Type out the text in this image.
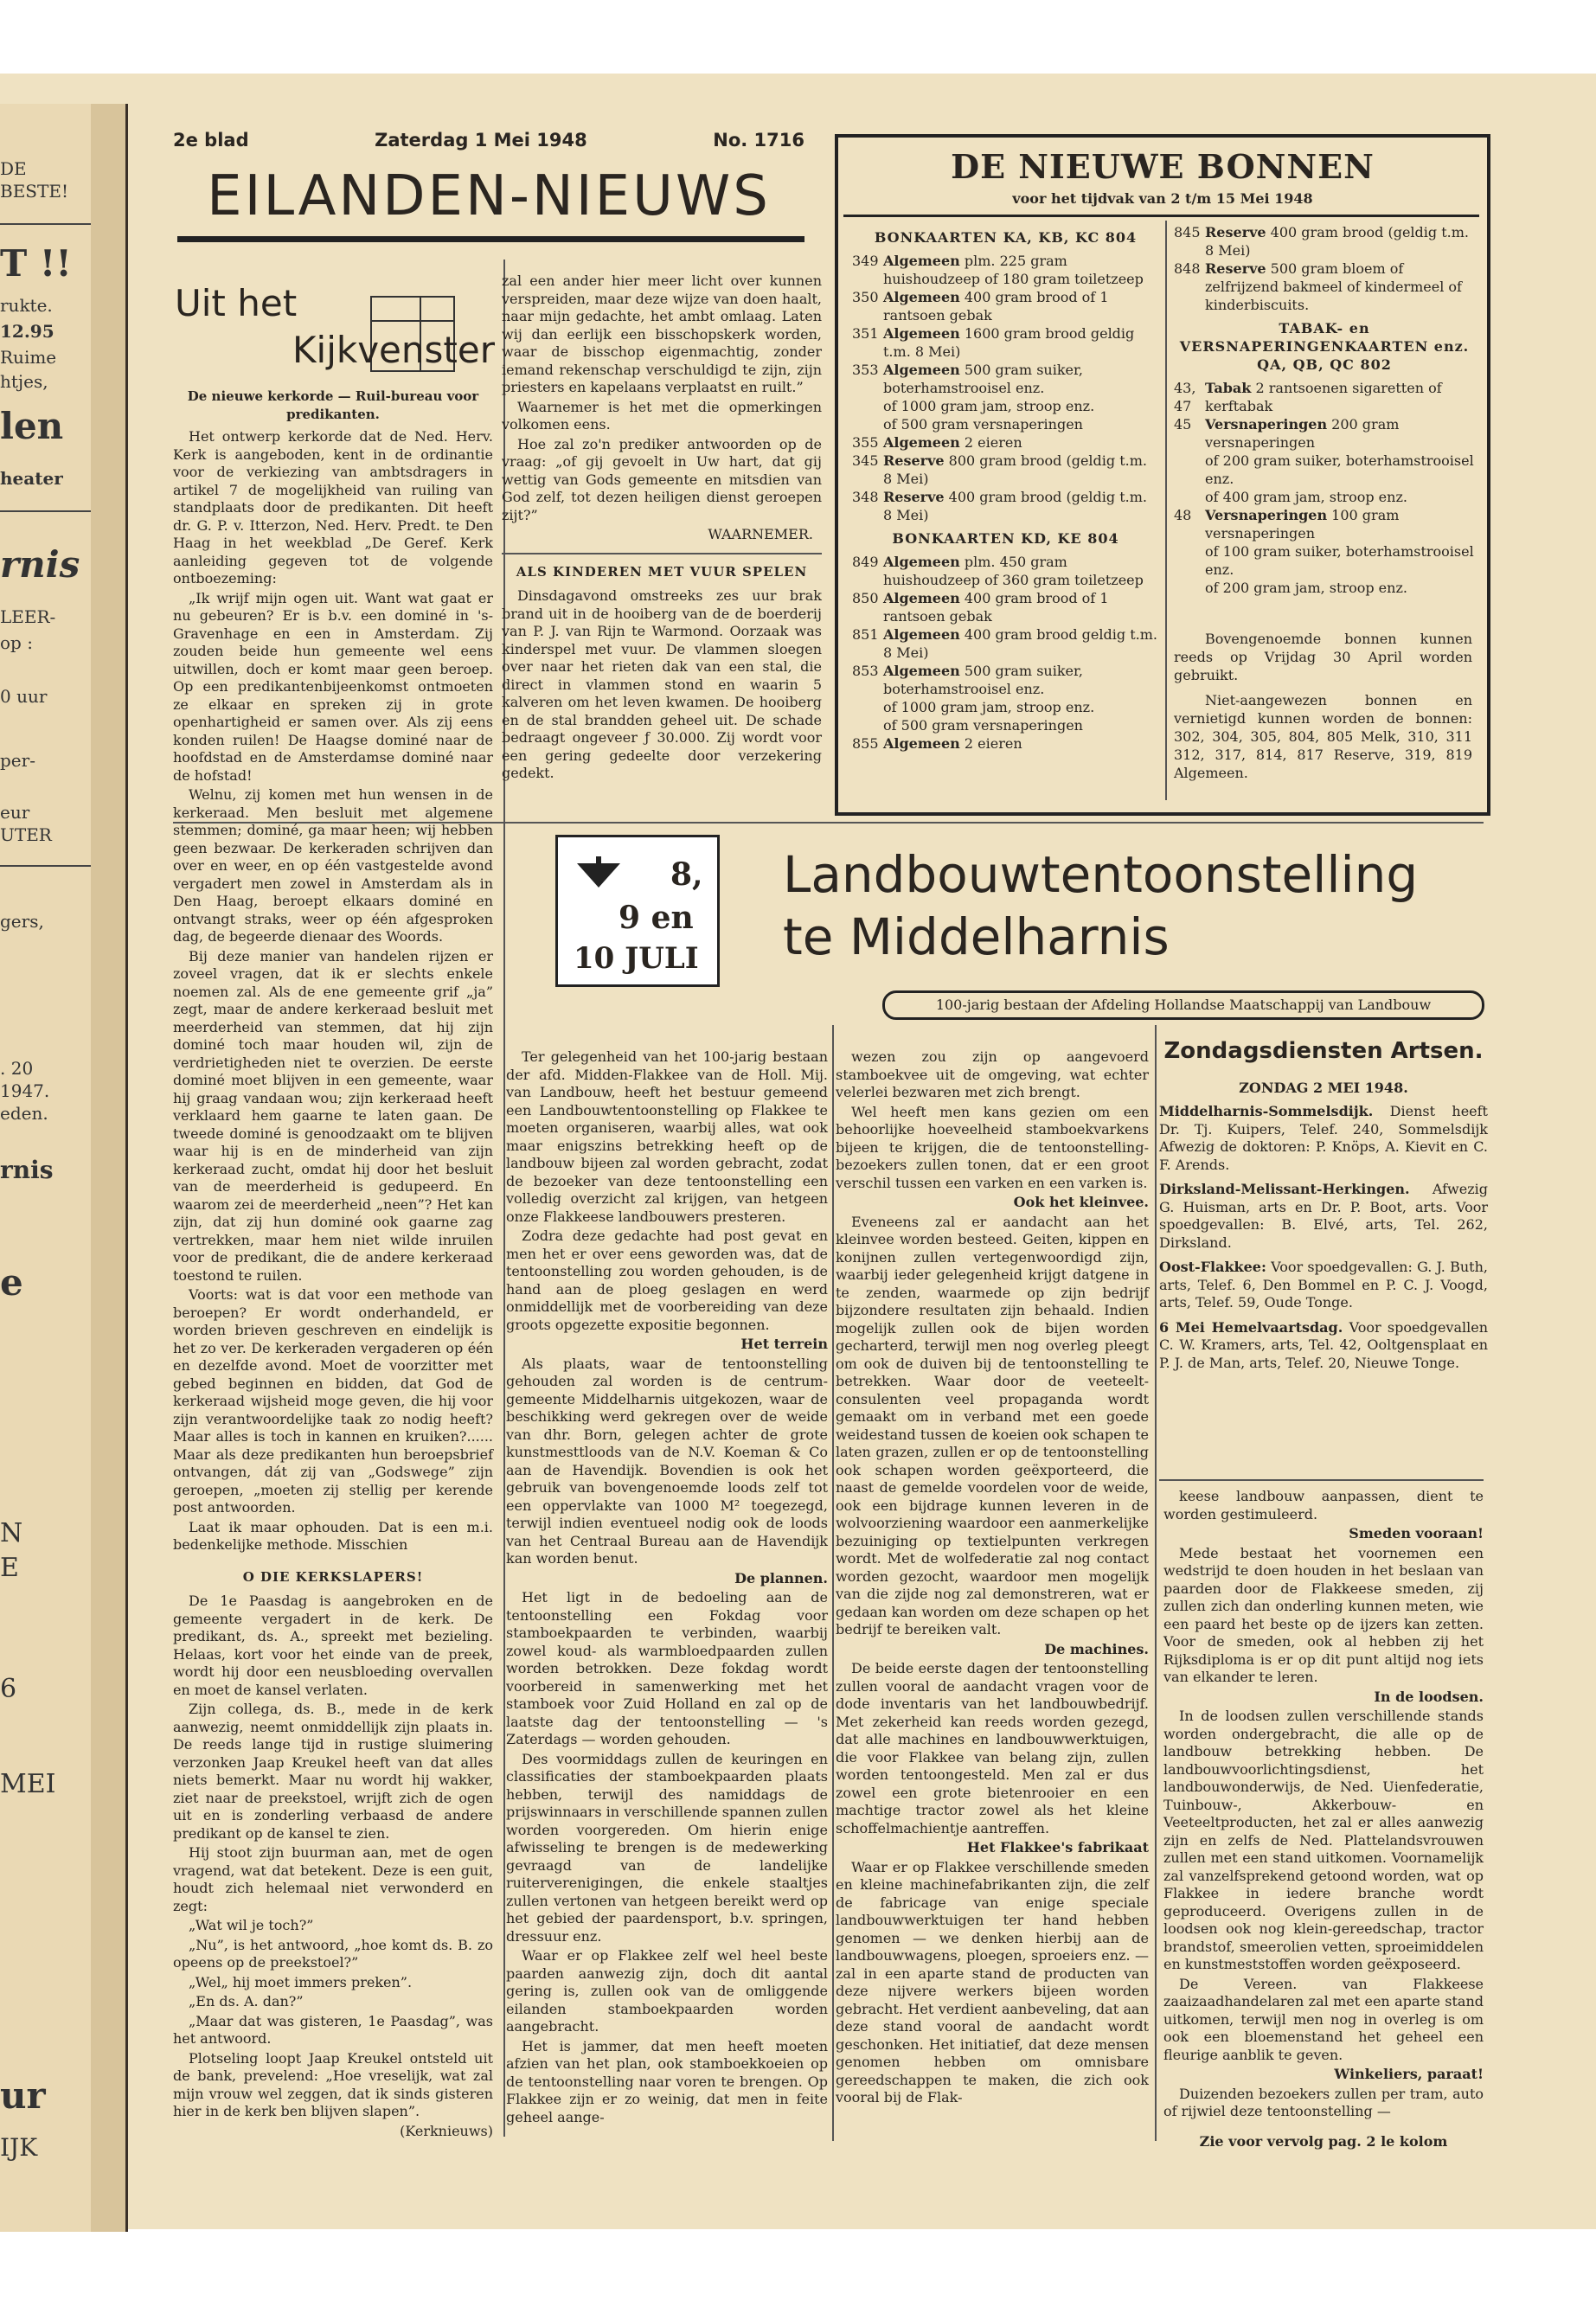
DE
BESTE!
T !!
rukte.
12.95
Ruime
htjes,
len
heater
rnis
LEER-
op :
0 uur
per-
eur
UTER
gers,
. 20
1947.
eden.
rnis
e
N
E
6
MEI
ur
IJK
2e blad	Zaterdag 1 Mei 1948	No. 1716
EILANDEN-NIEUWS
Uit het
Kijkvenster
De nieuwe kerkorde — Ruil-bureau voor predikanten.

Het ontwerp kerkorde dat de Ned. Herv. Kerk is aangeboden, kent in de ordinantie voor de verkiezing van ambtsdragers in artikel 7 de mogelijkheid van ruiling van standplaats door de predikanten. Dit heeft dr. G. P. v. Itterzon, Ned. Herv. Predt. te Den Haag in het weekblad „De Geref. Kerk aanleiding gegeven tot de volgende ontboezeming:

„Ik wrijf mijn ogen uit. Want wat gaat er nu gebeuren? Er is b.v. een dominé in 's-Gravenhage en een in Amsterdam. Zij zouden beide hun gemeente wel eens uitwillen, doch er komt maar geen beroep. Op een predikantenbijeenkomst ontmoeten ze elkaar en spreken zij in grote openhartigheid er samen over. Als zij eens konden ruilen! De Haagse dominé naar de hoofdstad en de Amsterdamse dominé naar de hofstad!

Welnu, zij komen met hun wensen in de kerkeraad. Men besluit met algemene stemmen; dominé, ga maar heen; wij hebben geen bezwaar. De kerkeraden schrijven dan over en weer, en op één vastgestelde avond vergadert men zowel in Amsterdam als in Den Haag, beroept elkaars dominé en ontvangt straks, weer op één afgesproken dag, de begeerde dienaar des Woords.

Bij deze manier van handelen rijzen er zoveel vragen, dat ik er slechts enkele noemen zal. Als de ene gemeente grif „ja” zegt, maar de andere kerkeraad besluit met meerderheid van stemmen, dat hij zijn dominé toch maar houden wil, zijn de verdrietigheden niet te overzien. De eerste dominé moet blijven in een gemeente, waar hij graag vandaan wou; zijn kerkeraad heeft verklaard hem gaarne te laten gaan. De tweede dominé is genoodzaakt om te blijven waar hij is en de minderheid van zijn kerkeraad zucht, omdat hij door het besluit van de meerderheid is gedupeerd. En waarom zei de meerderheid „neen”? Het kan zijn, dat zij hun dominé ook gaarne zag vertrekken, maar hem niet wilde inruilen voor de predikant, die de andere kerkeraad toestond te ruilen.

Voorts: wat is dat voor een methode van beroepen? Er wordt onderhandeld, er worden brieven geschreven en eindelijk is het zo ver. De kerkeraden vergaderen op één en dezelfde avond. Moet de voorzitter met gebed beginnen en bidden, dat God de kerkeraad wijsheid moge geven, die hij voor zijn verantwoordelijke taak zo nodig heeft? Maar alles is toch in kannen en kruiken?...... Maar als deze predikanten hun beroepsbrief ontvangen, dát zij van „Godswege” zijn geroepen, „moeten zij stellig per kerende post antwoorden.

Laat ik maar ophouden. Dat is een m.i. bedenkelijke methode. Misschien

O DIE KERKSLAPERS!

De 1e Paasdag is aangebroken en de gemeente vergadert in de kerk. De predikant, ds. A., spreekt met bezieling. Helaas, kort voor het einde van de preek, wordt hij door een neusbloeding overvallen en moet de kansel verlaten.

Zijn collega, ds. B., mede in de kerk aanwezig, neemt onmiddellijk zijn plaats in. De reeds lange tijd in rustige sluimering verzonken Jaap Kreukel heeft van dat alles niets bemerkt. Maar nu wordt hij wakker, ziet naar de preekstoel, wrijft zich de ogen uit en is zonderling verbaasd de andere predikant op de kansel te zien.

Hij stoot zijn buurman aan, met de ogen vragend, wat dat betekent. Deze is een guit, houdt zich helemaal niet verwonderd en zegt:

„Wat wil je toch?”

„Nu”, is het antwoord, „hoe komt ds. B. zo opeens op de preekstoel?”

„Wel„ hij moet immers preken”.

„En ds. A. dan?”

„Maar dat was gisteren, 1e Paasdag”, was het antwoord.

Plotseling loopt Jaap Kreukel ontsteld uit de bank, prevelend: „Hoe vreselijk, wat zal mijn vrouw wel zeggen, dat ik sinds gisteren hier in de kerk ben blijven slapen”.

(Kerknieuws)

zal een ander hier meer licht over kunnen verspreiden, maar deze wijze van doen haalt, naar mijn gedachte, het ambt omlaag. Laten wij dan eerlijk een bisschopskerk worden, waar de bisschop eigenmachtig, zonder iemand rekenschap verschuldigd te zijn, zijn priesters en kapelaans verplaatst en ruilt.”

Waarnemer is het met die opmerkingen volkomen eens.

Hoe zal zo'n prediker antwoorden op de vraag: „of gij gevoelt in Uw hart, dat gij wettig van Gods gemeente en mitsdien van God zelf, tot dezen heiligen dienst geroepen zijt?”

WAARNEMER.
ALS KINDEREN MET VUUR SPELEN

Dinsdagavond omstreeks zes uur brak brand uit in de hooiberg van de de boerderij van P. J. van Rijn te Warmond. Oorzaak was kinderspel met vuur. De vlammen sloegen over naar het rieten dak van een stal, die direct in vlammen stond en waarin 5 kalveren om het leven kwamen. De hooiberg en de stal brandden geheel uit. De schade bedraagt ongeveer ƒ 30.000. Zij wordt voor een gering gedeelte door verzekering gedekt.

DE NIEUWE BONNEN
voor het tijdvak van 2 t/m 15 Mei 1948
BONKAARTEN KA, KB, KC 804
349 Algemeen plm. 225 gram huishoudzeep of 180 gram toiletzeep
350 Algemeen 400 gram brood of 1 rantsoen gebak
351 Algemeen 1600 gram brood geldig t.m. 8 Mei)
353 Algemeen 500 gram suiker, boterhamstrooisel enz.
of 1000 gram jam, stroop enz.
of 500 gram versnaperingen
355 Algemeen 2 eieren
345 Reserve 800 gram brood (geldig t.m. 8 Mei)
348 Reserve 400 gram brood (geldig t.m. 8 Mei)
BONKAARTEN KD, KE 804
849 Algemeen plm. 450 gram huishoudzeep of 360 gram toiletzeep
850 Algemeen 400 gram brood of 1 rantsoen gebak
851 Algemeen 400 gram brood geldig t.m. 8 Mei)
853 Algemeen 500 gram suiker, boterhamstrooisel enz.
of 1000 gram jam, stroop enz.
of 500 gram versnaperingen
855 Algemeen 2 eieren
845 Reserve 400 gram brood (geldig t.m. 8 Mei)
848 Reserve 500 gram bloem of zelfrijzend bakmeel of kindermeel of kinderbiscuits.
TABAK- en VERSNAPERINGENKAARTEN enz. QA, QB, QC 802
43, 47
Tabak 2 rantsoenen sigaretten of kerftabak
45 Versnaperingen 200 gram versnaperingen
of 200 gram suiker, boterhamstrooisel enz.
of 400 gram jam, stroop enz.
48 Versnaperingen 100 gram versnaperingen
of 100 gram suiker, boterhamstrooisel enz.
of 200 gram jam, stroop enz.
Bovengenoemde bonnen kunnen reeds op Vrijdag 30 April worden gebruikt.
Niet-aangewezen bonnen en vernietigd kunnen worden de bonnen: 302, 304, 305, 804, 805 Melk, 310, 311 312, 317, 814, 817 Reserve, 319, 819 Algemeen.
8,
9 en
10 JULI
Landbouwtentoonstelling
te Middelharnis
100-jarig bestaan der Afdeling Hollandse Maatschappij van Landbouw

Ter gelegenheid van het 100-jarig bestaan der afd. Midden-Flakkee van de Holl. Mij. van Landbouw, heeft het bestuur gemeend een Landbouwtentoonstelling op Flakkee te moeten organiseren, waarbij alles, wat ook maar enigszins betrekking heeft op de landbouw bijeen zal worden gebracht, zodat de bezoeker van deze tentoonstelling een volledig overzicht zal krijgen, van hetgeen onze Flakkeese landbouwers presteren.

Zodra deze gedachte had post gevat en men het er over eens geworden was, dat de tentoonstelling zou worden gehouden, is de hand aan de ploeg geslagen en werd onmiddellijk met de voorbereiding van deze groots opgezette expositie begonnen.

Het terrein

Als plaats, waar de tentoonstelling gehouden zal worden is de centrum-gemeente Middelharnis uitgekozen, waar de beschikking werd gekregen over de weide van dhr. Born, gelegen achter de grote kunstmesttloods van de N.V. Koeman & Co aan de Havendijk. Bovendien is ook het gebruik van bovengenoemde loods zelf tot een oppervlakte van 1000 M² toegezegd, terwijl indien eventueel nodig ook de loods van het Centraal Bureau aan de Havendijk kan worden benut.

De plannen.

Het ligt in de bedoeling aan de tentoonstelling een Fokdag voor stamboekpaarden te verbinden, waarbij zowel koud- als warmbloedpaarden zullen worden betrokken. Deze fokdag wordt voorbereid in samenwerking met het stamboek voor Zuid Holland en zal op de laatste dag der tentoonstelling — 's Zaterdags — worden gehouden.

Des voormiddags zullen de keuringen en classificaties der stamboekpaarden plaats hebben, terwijl des namiddags de prijswinnaars in verschillende spannen zullen worden voorgereden. Om hierin enige afwisseling te brengen is de medewerking gevraagd van de landelijke ruiterverenigingen, die enkele staaltjes zullen vertonen van hetgeen bereikt werd op het gebied der paardensport, b.v. springen, dressuur enz.

Waar er op Flakkee zelf wel heel beste paarden aanwezig zijn, doch dit aantal gering is, zullen ook van de omliggende eilanden stamboekpaarden worden aangebracht.

Het is jammer, dat men heeft moeten afzien van het plan, ook stamboekkoeien op de tentoonstelling naar voren te brengen. Op Flakkee zijn er zo weinig, dat men in feite geheel aange-

wezen zou zijn op aangevoerd stamboekvee uit de omgeving, wat echter velerlei bezwaren met zich brengt.

Wel heeft men kans gezien om een behoorlijke hoeveelheid stamboekvarkens bijeen te krijgen, die de tentoonstelling-bezoekers zullen tonen, dat er een groot verschil tussen een varken en een varken is.

Ook het kleinvee.

Eveneens zal er aandacht aan het kleinvee worden besteed. Geiten, kippen en konijnen zullen vertegenwoordigd zijn, waarbij ieder gelegenheid krijgt datgene in te zenden, waarmede op zijn bedrijf bijzondere resultaten zijn behaald. Indien mogelijk zullen ook de bijen worden gecharterd, terwijl men nog overleg pleegt om ook de duiven bij de tentoonstelling te betrekken. Waar door de veeteelt-consulenten veel propaganda wordt gemaakt om in verband met een goede weidestand tussen de koeien ook schapen te laten grazen, zullen er op de tentoonstelling ook schapen worden geëxporteerd, die naast de gemelde voordelen voor de weide, ook een bijdrage kunnen leveren in de wolvoorziening waardoor een aanmerkelijke bezuiniging op textielpunten verkregen wordt. Met de wolfederatie zal nog contact worden gezocht, waardoor men mogelijk van die zijde nog zal demonstreren, wat er gedaan kan worden om deze schapen op het bedrijf te bereiken valt.

De machines.

De beide eerste dagen der tentoonstelling zullen vooral de aandacht vragen voor de dode inventaris van het landbouwbedrijf. Met zekerheid kan reeds worden gezegd, dat alle machines en landbouwwerktuigen, die voor Flakkee van belang zijn, zullen worden tentoongesteld. Men zal er dus zowel een grote bietenrooier en een machtige tractor zowel als het kleine schoffelmachientje aantreffen.

Het Flakkee's fabrikaat

Waar er op Flakkee verschillende smeden en kleine machinefabrikanten zijn, die zelf de fabricage van enige speciale landbouwwerktuigen ter hand hebben genomen — we denken hierbij aan de landbouwwagens, ploegen, sproeiers enz. — zal in een aparte stand de producten van deze nijvere werkers bijeen worden gebracht. Het verdient aanbeveling, dat aan deze stand vooral de aandacht wordt geschonken. Het initiatief, dat deze mensen genomen hebben om omnisbare gereedschappen te maken, die zich ook vooral bij de Flak-

Zondagsdiensten Artsen.
ZONDAG 2 MEI 1948.

Middelharnis-Sommelsdijk. Dienst heeft Dr. Tj. Kuipers, Telef. 240, Sommelsdijk Afwezig de doktoren: P. Knöps, A. Kievit en C. F. Arends.

Dirksland-Melissant-Herkingen. Afwezig G. Huisman, arts en Dr. P. Boot, arts. Voor spoedgevallen: B. Elvé, arts, Tel. 262, Dirksland.

Oost-Flakkee: Voor spoedgevallen: G. J. Buth, arts, Telef. 6, Den Bommel en P. C. J. Voogd, arts, Telef. 59, Oude Tonge.

6 Mei Hemelvaartsdag. Voor spoedgevallen C. W. Kramers, arts, Tel. 42, Ooltgensplaat en P. J. de Man, arts, Telef. 20, Nieuwe Tonge.

keese landbouw aanpassen, dient te worden gestimuleerd.

Smeden vooraan!

Mede bestaat het voornemen een wedstrijd te doen houden in het beslaan van paarden door de Flakkeese smeden, zij zullen zich dan onderling kunnen meten, wie een paard het beste op de ijzers kan zetten. Voor de smeden, ook al hebben zij het Rijksdiploma is er op dit punt altijd nog iets van elkander te leren.

In de loodsen.

In de loodsen zullen verschillende stands worden ondergebracht, die alle op de landbouw betrekking hebben. De landbouwvoorlichtingsdienst, het landbouwonderwijs, de Ned. Uienfederatie, Tuinbouw-, Akkerbouw- en Veeteeltproducten, het zal er alles aanwezig zijn en zelfs de Ned. Plattelandsvrouwen zullen met een stand uitkomen. Voornamelijk zal vanzelfsprekend getoond worden, wat op Flakkee in iedere branche wordt geproduceerd. Overigens zullen in de loodsen ook nog klein-gereedschap, tractor brandstof, smeerolien vetten, sproeimiddelen en kunstmeststoffen worden geëxposeerd.

De Vereen. van Flakkeese zaaizaadhandelaren zal met een aparte stand uitkomen, terwijl men nog in overleg is om ook een bloemenstand het geheel een fleurige aanblik te geven.

Winkeliers, paraat!

Duizenden bezoekers zullen per tram, auto of rijwiel deze tentoonstelling —

Zie voor vervolg pag. 2 le kolom
